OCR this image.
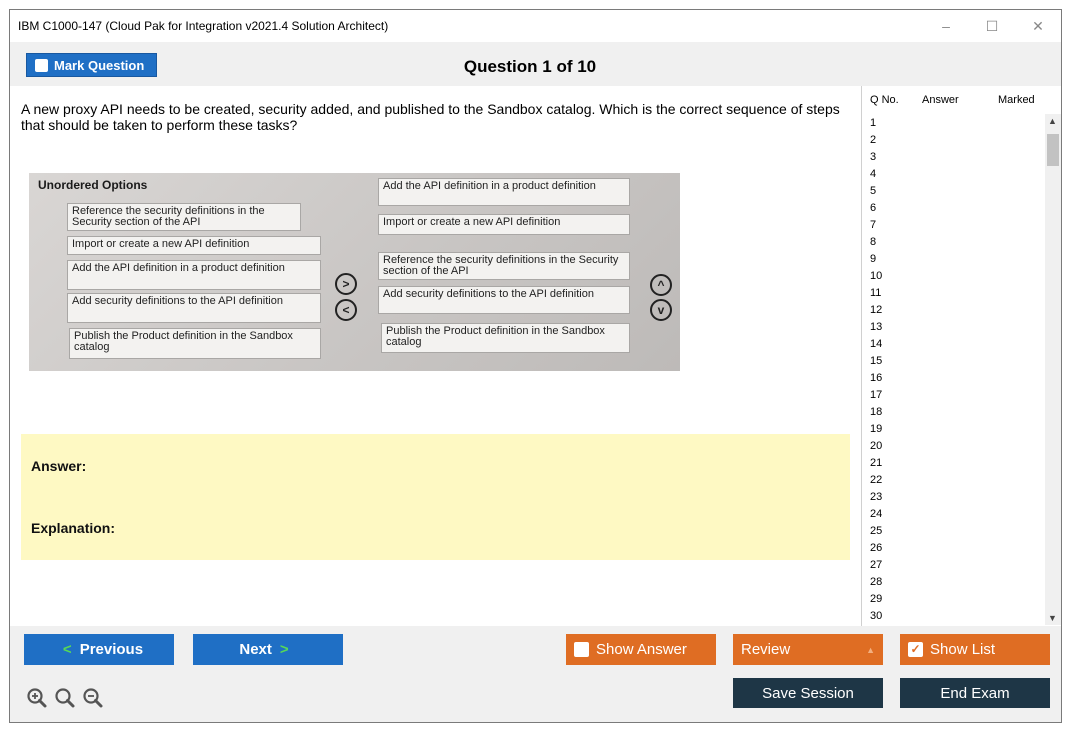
IBM C1000-147 (Cloud Pak for Integration v2021.4 Solution Architect)	–	☐	✕
Mark Question	Question 1 of 10
A new proxy API needs to be created, security added, and published to the Sandbox catalog. Which is the correct sequence of steps that should be taken to perform these tasks?
Unordered Options
Reference the security definitions in the Security section of the API
Import or create a new API definition
Add the API definition in a product definition
Add security definitions to the API definition
Publish the Product definition in the Sandbox catalog
>
<
Add the API definition in a product definition
Import or create a new API definition
Reference the security definitions in the Security section of the API
Add security definitions to the API definition
Publish the Product definition in the Sandbox catalog
^
v
Answer:
Explanation:
Q No. Answer	Marked
1
2
3
4
5
6
7
8
9
10
11
12
13
14
15
16
17
18
19
20
21
22
23
24
25
26
27
28
29
30
▲
▼
< Previous	Next >	Show Answer	Review	▲	✓ Show List
Save Session	End Exam
